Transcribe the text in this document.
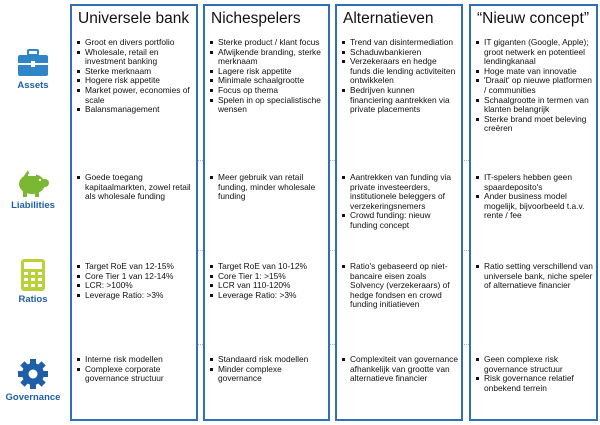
Assets
Liabilities
Ratios
Governance
Universele bank
Groot en divers portfolio
Wholesale, retail en investment banking
Sterke merknaam
Hogere risk appetite
Market power, economies of scale
Balansmanagement
Goede toegang kapitaalmarkten, zowel retail als wholesale funding
Target RoE van 12-15%
Core Tier 1 van 12-14%
LCR: >100%
Leverage Ratio: >3%
Interne risk modellen
Complexe corporate governance structuur
Nichespelers
Sterke product / klant focus
Afwijkende branding, sterke merknaam
Lagere risk appetite
Minimale schaalgrootte
Focus op thema
Spelen in op specialistische wensen
Meer gebruik van retail funding, minder wholesale funding
Target RoE van 10-12%
Core Tier 1: >15%
LCR van 110-120%
Leverage Ratio: >3%
Standaard risk modellen
Minder complexe governance
Alternatieven
Trend van disintermediation
Schaduwbankieren
Verzekeraars en hedge funds die lending activiteiten ontwikkelen
Bedrijven kunnen financiering aantrekken via private placements
Aantrekken van funding via private investeerders, institutionele beleggers of verzekeringsnemers
Crowd funding: nieuw funding concept
Ratio's gebaseerd op niet-bancaire eisen zoals Solvency (verzekeraars) of hedge fondsen en crowd funding initiatieven
Complexiteit van governance afhankelijk van grootte van alternatieve financier
“Nieuw concept”
IT giganten (Google, Apple); groot netwerk en potentieel lendingkanaal
Hoge mate van innovatie
'Draait' op nieuwe platformen / communities
Schaalgrootte in termen van klanten belangrijk
Sterke brand moet beleving creëren
IT-spelers hebben geen spaardeposito's
Ander business model mogelijk, bijvoorbeeld t.a.v. rente / fee
Ratio setting verschillend van universele bank, niche speler of alternatieve financier
Geen complexe risk governance structuur
Risk governance relatief onbekend terrein
